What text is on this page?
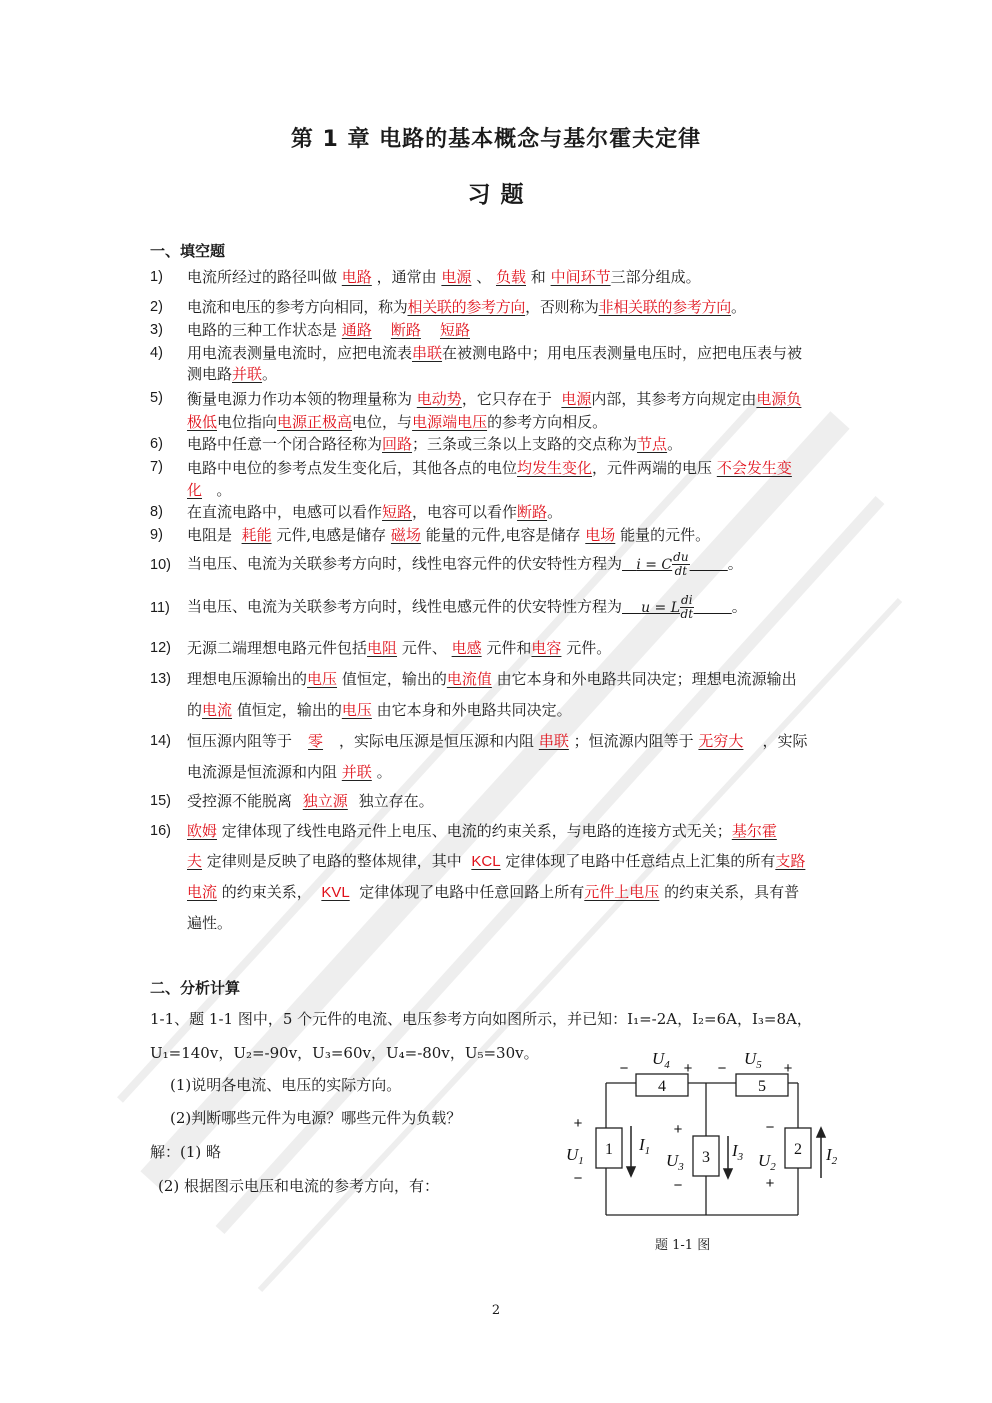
第 1 章 电路的基本概念与基尔霍夫定律
习 题
一、填空题
1) 电流所经过的路径叫做 电路 ，通常由 电源 、 负载 和 中间环节三部分组成。
2) 电流和电压的参考方向相同，称为相关联的参考方向，否则称为非相关联的参考方向。
3) 电路的三种工作状态是 通路 断路 短路
4) 用电流表测量电流时，应把电流表串联在被测电路中；用电压表测量电压时，应把电压表与被测电路并联。
5) 衡量电源力作功本领的物理量称为 电动势，它只存在于 电源内部，其参考方向规定由电源负极低电位指向电源正极高电位，与电源端电压的参考方向相反。
6) 电路中任意一个闭合路径称为回路；三条或三条以上支路的交点称为节点。
7) 电路中电位的参考点发生变化后，其他各点的电位均发生变化，元件两端的电压 不会发生变化 。
8) 在直流电路中，电感可以看作短路，电容可以看作断路。
9) 电阻是 耗能 元件,电感是储存 磁场 能量的元件,电容是储存 电场 能量的元件。
10) 当电压、电流为关联参考方向时，线性电容元件的伏安特性方程为 i = C $\frac{du}{dt}$	。
11) 当电压、电流为关联参考方向时，线性电感元件的伏安特性方程为 u = L $\frac{di}{dt}$	。
12) 无源二端理想电路元件包括电阻 元件、 电感 元件和电容 元件。
13) 理想电压源输出的电压 值恒定，输出的电流值 由它本身和外电路共同决定；理想电流源输出的电流 值恒定，输出的电压 由它本身和外电路共同决定。
14) 恒压源内阻等于 零 ，实际电压源是恒压源和内阻 串联 ；恒流源内阻等于 无穷大 ，实际电流源是恒流源和内阻 并联 。
15) 受控源不能脱离 独立源 独立存在。
16) 欧姆 定律体现了线性电路元件上电压、电流的约束关系，与电路的连接方式无关；基尔霍夫 定律则是反映了电路的整体规律，其中 KCL 定律体现了电路中任意结点上汇集的所有支路电流 的约束关系， KVL 定律体现了电路中任意回路上所有元件上电压 的约束关系，具有普遍性。
二、分析计算
1-1、题 1-1 图中，5 个元件的电流、电压参考方向如图所示，并已知：I₁=-2A，I₂=6A，I₃=8A，
U₁=140v，U₂=-90v，U₃=60v，U₄=-80v，U₅=30v。
(1)说明各电流、电压的实际方向。
(2)判断哪些元件为电源？哪些元件为负载？
解：(1) 略
(2) 根据图示电压和电流的参考方向，有：
4	5
1	3	2
$U_4$	$U_5$
$U_1$	$U_3$	$U_2$
$I_1$	$I_3$	$I_2$
−	+ −	+
+
−
+
−
−
+
题 1-1 图
2
